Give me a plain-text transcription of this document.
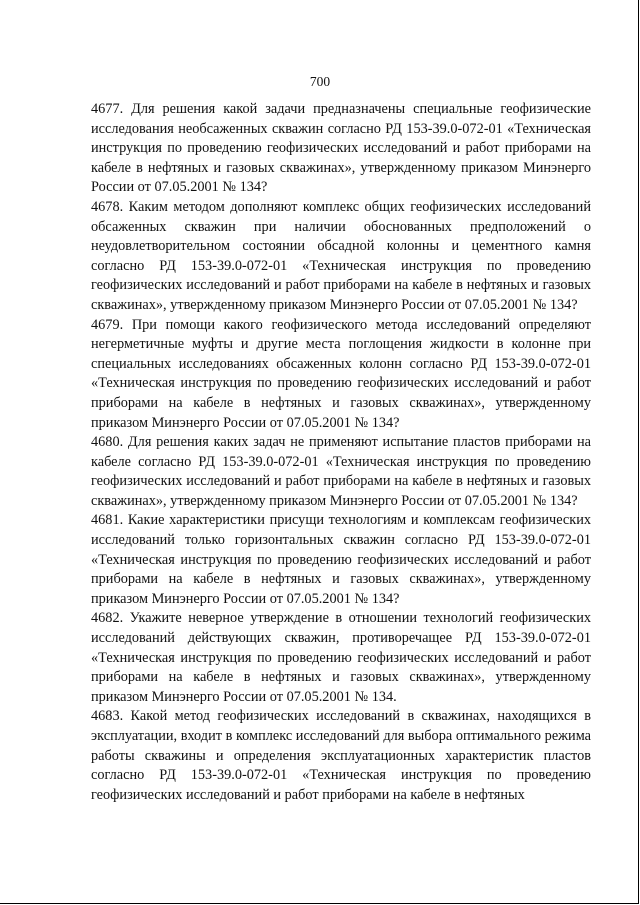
700

4677. Для решения какой задачи предназначены специальные геофизические исследования необсаженных скважин согласно РД 153-39.0-072-01 «Техническая инструкция по проведению геофизических исследований и работ приборами на кабеле в нефтяных и газовых скважинах», утвержденному приказом Минэнерго России от 07.05.2001 № 134?

4678. Каким методом дополняют комплекс общих геофизических исследований обсаженных скважин при наличии обоснованных предположений о неудовлетворительном состоянии обсадной колонны и цементного камня согласно РД 153-39.0-072-01 «Техническая инструкция по проведению геофизических исследований и работ приборами на кабеле в нефтяных и газовых скважинах», утвержденному приказом Минэнерго России от 07.05.2001 № 134?

4679. При помощи какого геофизического метода исследований определяют негерметичные муфты и другие места поглощения жидкости в колонне при специальных исследованиях обсаженных колонн согласно РД 153-39.0-072-01 «Техническая инструкция по проведению геофизических исследований и работ приборами на кабеле в нефтяных и газовых скважинах», утвержденному приказом Минэнерго России от 07.05.2001 № 134?

4680. Для решения каких задач не применяют испытание пластов приборами на кабеле согласно РД 153-39.0-072-01 «Техническая инструкция по проведению геофизических исследований и работ приборами на кабеле в нефтяных и газовых скважинах», утвержденному приказом Минэнерго России от 07.05.2001 № 134?

4681. Какие характеристики присущи технологиям и комплексам геофизических исследований только горизонтальных скважин согласно РД 153-39.0-072-01 «Техническая инструкция по проведению геофизических исследований и работ приборами на кабеле в нефтяных и газовых скважинах», утвержденному приказом Минэнерго России от 07.05.2001 № 134?

4682. Укажите неверное утверждение в отношении технологий геофизических исследований действующих скважин, противоречащее РД 153-39.0-072-01 «Техническая инструкция по проведению геофизических исследований и работ приборами на кабеле в нефтяных и газовых скважинах», утвержденному приказом Минэнерго России от 07.05.2001 № 134.

4683. Какой метод геофизических исследований в скважинах, находящихся в эксплуатации, входит в комплекс исследований для выбора оптимального режима работы скважины и определения эксплуатационных характеристик пластов согласно РД 153-39.0-072-01 «Техническая инструкция по проведению геофизических исследований и работ приборами на кабеле в нефтяных
